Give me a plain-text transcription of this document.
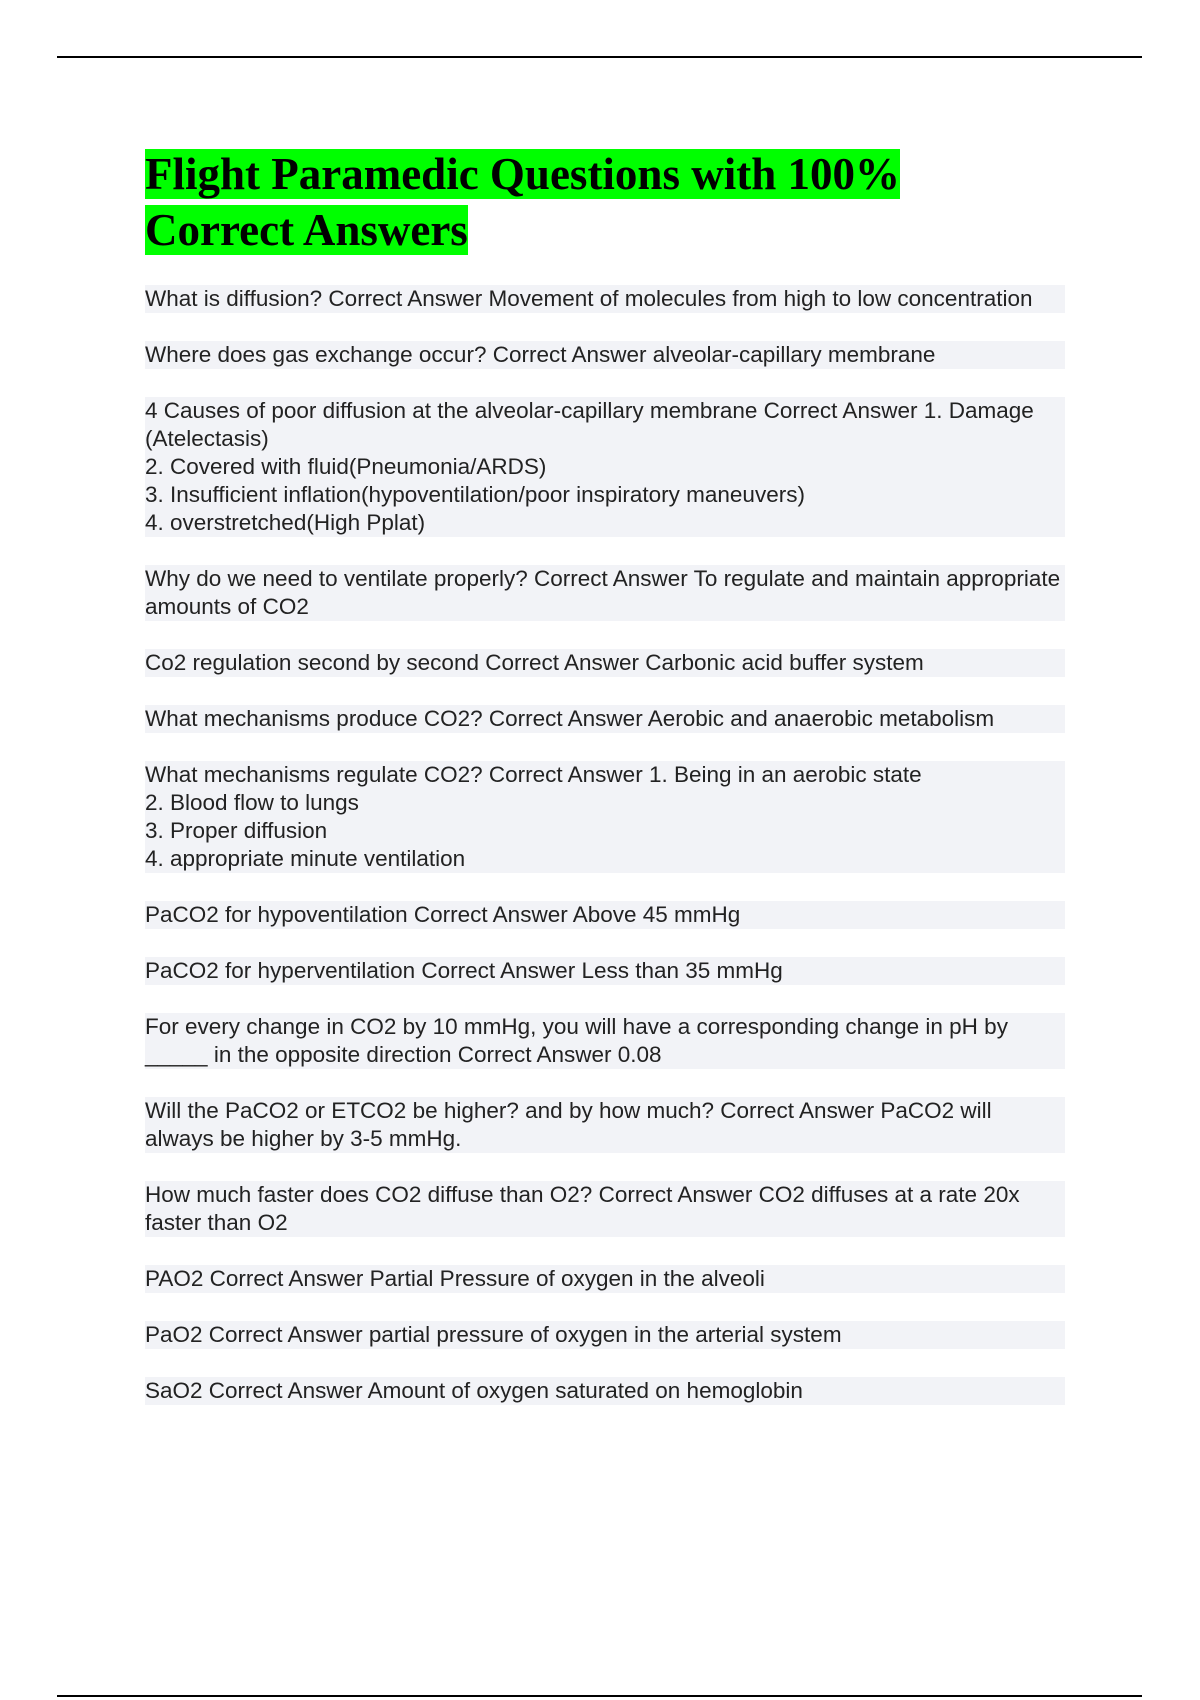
Flight Paramedic Questions with 100% Correct Answers
What is diffusion? Correct Answer Movement of molecules from high to low concentration
Where does gas exchange occur? Correct Answer alveolar-capillary membrane
4 Causes of poor diffusion at the alveolar-capillary membrane Correct Answer 1. Damage (Atelectasis)
2. Covered with fluid(Pneumonia/ARDS)
3. Insufficient inflation(hypoventilation/poor inspiratory maneuvers)
4. overstretched(High Pplat)
Why do we need to ventilate properly? Correct Answer To regulate and maintain appropriate amounts of CO2
Co2 regulation second by second Correct Answer Carbonic acid buffer system
What mechanisms produce CO2? Correct Answer Aerobic and anaerobic metabolism
What mechanisms regulate CO2? Correct Answer 1. Being in an aerobic state
2. Blood flow to lungs
3. Proper diffusion
4. appropriate minute ventilation
PaCO2 for hypoventilation Correct Answer Above 45 mmHg
PaCO2 for hyperventilation Correct Answer Less than 35 mmHg
For every change in CO2 by 10 mmHg, you will have a corresponding change in pH by _____ in the opposite direction Correct Answer 0.08
Will the PaCO2 or ETCO2 be higher? and by how much? Correct Answer PaCO2 will always be higher by 3-5 mmHg.
How much faster does CO2 diffuse than O2? Correct Answer CO2 diffuses at a rate 20x faster than O2
PAO2 Correct Answer Partial Pressure of oxygen in the alveoli
PaO2 Correct Answer partial pressure of oxygen in the arterial system
SaO2 Correct Answer Amount of oxygen saturated on hemoglobin
